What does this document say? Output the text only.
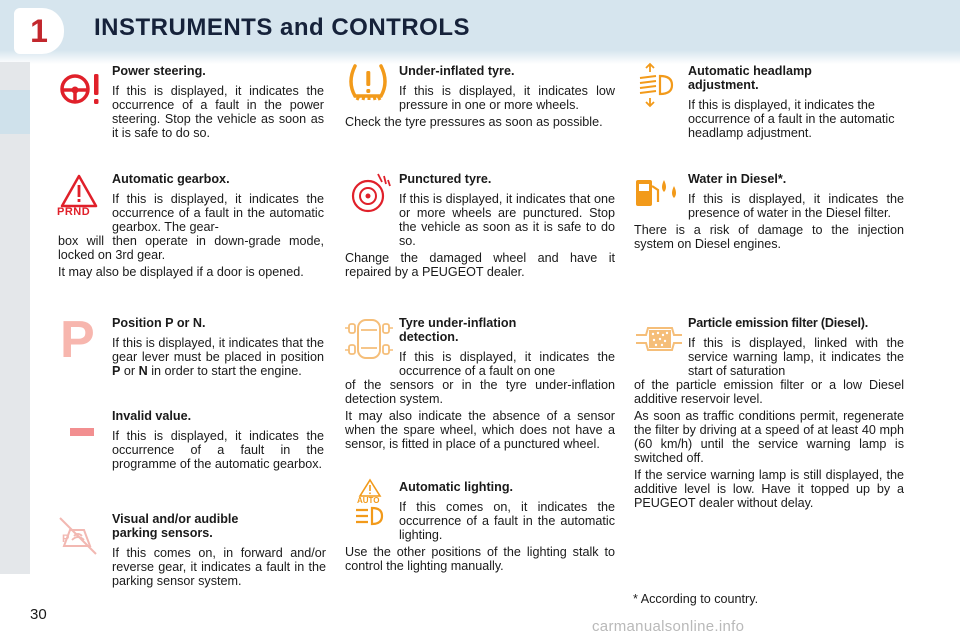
1	INSTRUMENTS and CONTROLS
Power steering.

If this is displayed, it indicates the occurrence of a fault in the power steering. Stop the vehicle as soon as it is safe to do so.

PRND
Automatic gearbox.

If this is displayed, it indicates the occurrence of a fault in the automatic gearbox. The gear-

box will then operate in down-grade mode, locked on 3rd gear.

It may also be displayed if a door is opened.

P Position P or N.

If this is displayed, it indicates that the gear lever must be placed in position P or N in order to start the engine.

Invalid value.

If this is displayed, it indicates the occurrence of a fault in the programme of the automatic gearbox.

P
Visual and/or audible
parking sensors.

If this comes on, in forward and/or reverse gear, it indicates a fault in the parking sensor system.

Under-inflated tyre.

If this is displayed, it indicates low pressure in one or more wheels.

Check the tyre pressures as soon as possible.

Punctured tyre.

If this is displayed, it indicates that one or more wheels are punctured. Stop the vehicle as soon as it is safe to do so.

Change the damaged wheel and have it repaired by a PEUGEOT dealer.

Tyre under-inflation
detection.

If this is displayed, it indicates the occurrence of a fault on one

of the sensors or in the tyre under-inflation detection system.

It may also indicate the absence of a sensor when the spare wheel, which does not have a sensor, is fitted in place of a punctured wheel.

AUTO
Automatic lighting.

If this comes on, it indicates the occurrence of a fault in the automatic lighting.

Use the other positions of the lighting stalk to control the lighting manually.

Automatic headlamp
adjustment.

If this is displayed, it indicates the occurrence of a fault in the automatic headlamp adjustment.

Water in Diesel*.

If this is displayed, it indicates the presence of water in the Diesel filter.

There is a risk of damage to the injection system on Diesel engines.

Particle emission filter (Diesel).

If this is displayed, linked with the service warning lamp, it indicates the start of saturation

of the particle emission filter or a low Diesel additive reservoir level.

As soon as traffic conditions permit, regenerate the filter by driving at a speed of at least 40 mph (60 km/h) until the service warning lamp is switched off.

If the service warning lamp is still displayed, the additive level is low. Have it topped up by a PEUGEOT dealer without delay.

* According to country.
30
carmanualsonline.info
